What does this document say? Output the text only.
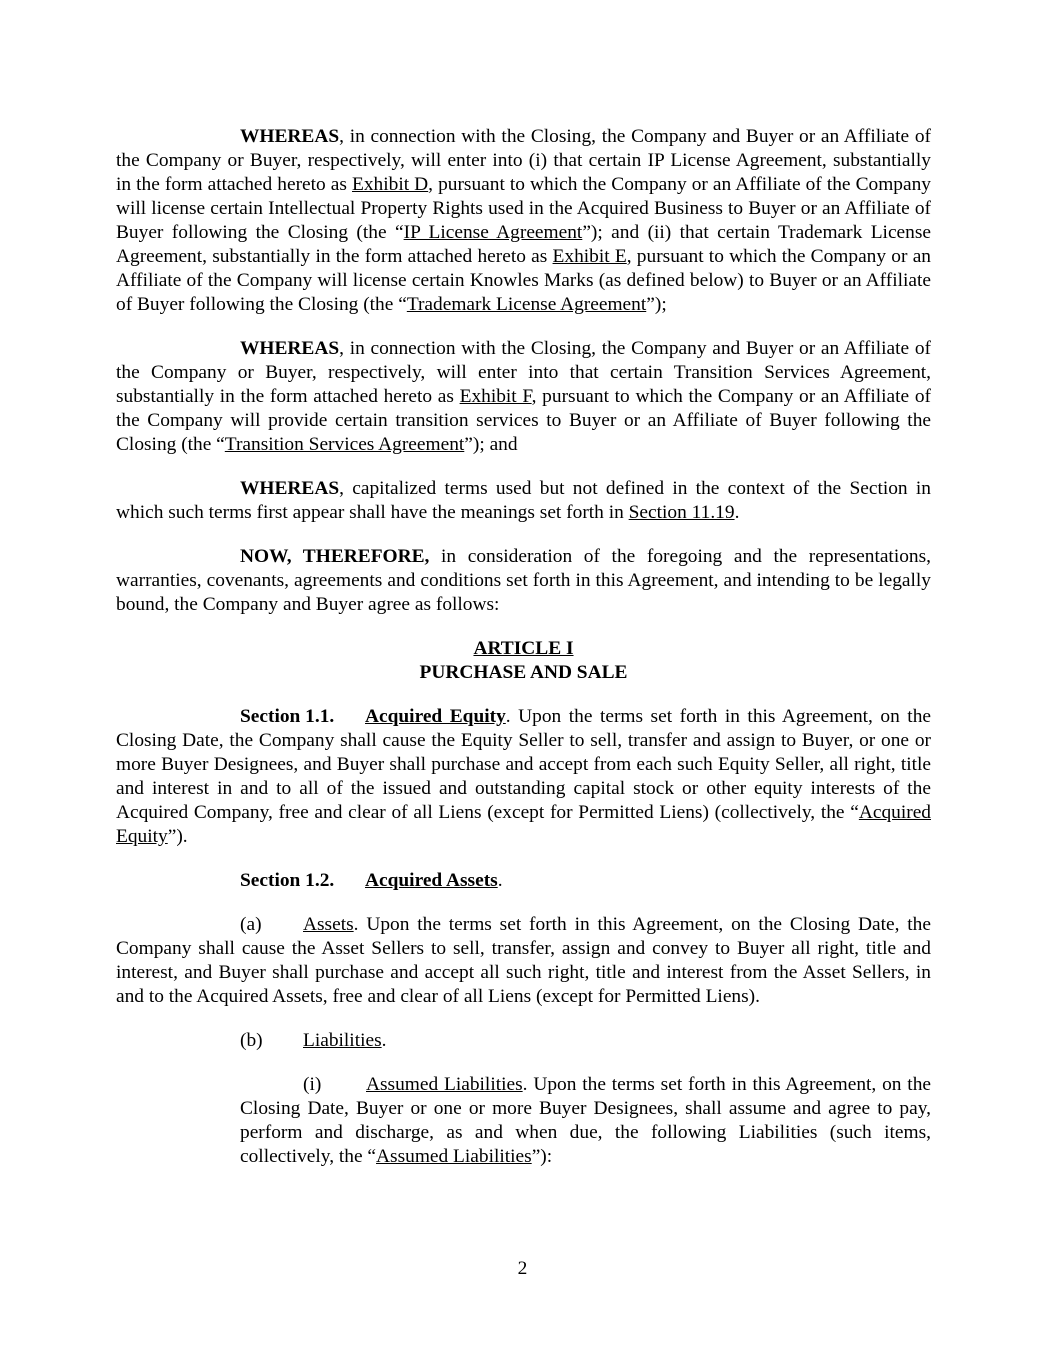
WHEREAS, in connection with the Closing, the Company and Buyer or an Affiliate of the Company or Buyer, respectively, will enter into (i) that certain IP License Agreement, substantially in the form attached hereto as Exhibit D, pursuant to which the Company or an Affiliate of the Company will license certain Intellectual Property Rights used in the Acquired Business to Buyer or an Affiliate of Buyer following the Closing (the “IP License Agreement”); and (ii) that certain Trademark License Agreement, substantially in the form attached hereto as Exhibit E, pursuant to which the Company or an Affiliate of the Company will license certain Knowles Marks (as defined below) to Buyer or an Affiliate of Buyer following the Closing (the “Trademark License Agreement”);

WHEREAS, in connection with the Closing, the Company and Buyer or an Affiliate of the Company or Buyer, respectively, will enter into that certain Transition Services Agreement, substantially in the form attached hereto as Exhibit F, pursuant to which the Company or an Affiliate of the Company will provide certain transition services to Buyer or an Affiliate of Buyer following the Closing (the “Transition Services Agreement”); and

WHEREAS, capitalized terms used but not defined in the context of the Section in which such terms first appear shall have the meanings set forth in Section 11.19.

NOW, THEREFORE, in consideration of the foregoing and the representations, warranties, covenants, agreements and conditions set forth in this Agreement, and intending to be legally bound, the Company and Buyer agree as follows:

ARTICLE I

PURCHASE AND SALE

Section 1.1. Acquired Equity. Upon the terms set forth in this Agreement, on the Closing Date, the Company shall cause the Equity Seller to sell, transfer and assign to Buyer, or one or more Buyer Designees, and Buyer shall purchase and accept from each such Equity Seller, all right, title and interest in and to all of the issued and outstanding capital stock or other equity interests of the Acquired Company, free and clear of all Liens (except for Permitted Liens) (collectively, the “Acquired Equity”).

Section 1.2. Acquired Assets.

(a) Assets. Upon the terms set forth in this Agreement, on the Closing Date, the Company shall cause the Asset Sellers to sell, transfer, assign and convey to Buyer all right, title and interest, and Buyer shall purchase and accept all such right, title and interest from the Asset Sellers, in and to the Acquired Assets, free and clear of all Liens (except for Permitted Liens).

(b) Liabilities.

(i) Assumed Liabilities. Upon the terms set forth in this Agreement, on the Closing Date, Buyer or one or more Buyer Designees, shall assume and agree to pay, perform and discharge, as and when due, the following Liabilities (such items, collectively, the “Assumed Liabilities”):

2
